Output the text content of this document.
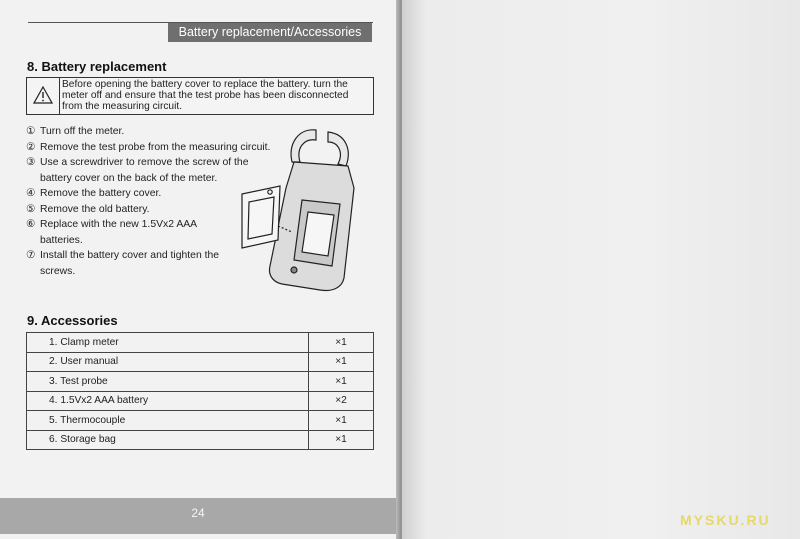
Battery replacement/Accessories
8. Battery replacement
Before opening the battery cover to replace the battery. turn the meter off and ensure that the test probe has been disconnected from the measuring circuit.
① Turn off the meter.
② Remove the test probe from the measuring circuit.
③ Use a screwdriver to remove the screw of the battery cover on the back of the meter.
④ Remove the battery cover.
⑤ Remove the old battery.
⑥ Replace with the new 1.5Vx2 AAA batteries.
⑦ Install the battery cover and tighten the screws.
9. Accessories
1. Clamp meter	×1
2. User manual	×1
3. Test probe	×1
4. 1.5Vx2 AAA battery	×2
5. Thermocouple	×1
6. Storage bag	×1
24	MYSKU.RU
